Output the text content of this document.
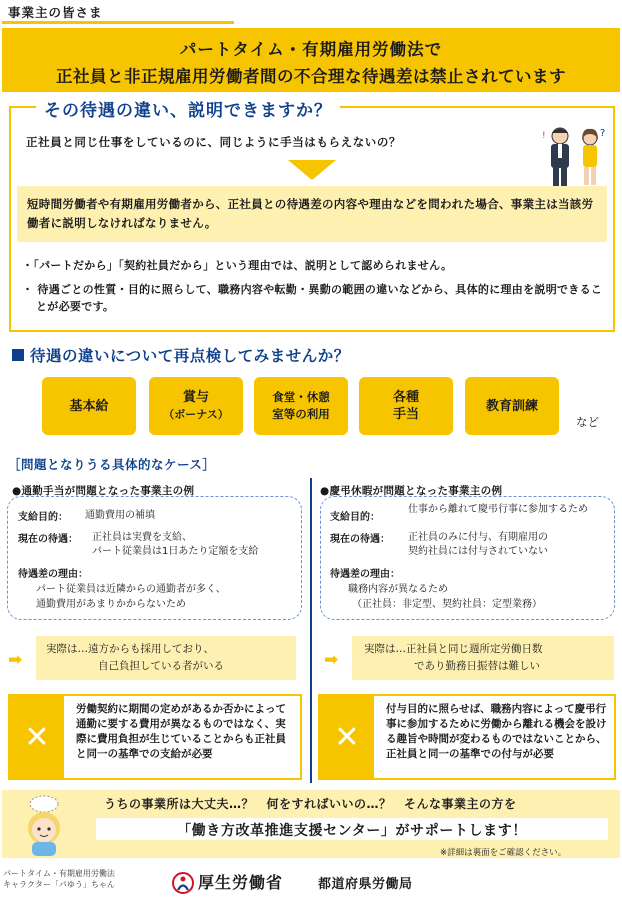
事業主の皆さま
パートタイム・有期雇用労働法で
正社員と非正規雇用労働者間の不合理な待遇差は禁止されています
その待遇の違い、説明できますか？
正社員と同じ仕事をしているのに、同じように手当はもらえないの？	!	?
短時間労働者や有期雇用労働者から、正社員との待遇差の内容や理由などを問われた場合、事業主は当該労働者に説明しなければなりません。
・「パートだから」「契約社員だから」という理由では、説明として認められません。
・ 待遇ごとの性質・目的に照らして、職務内容や転勤・異動の範囲の違いなどから、具体的に理由を説明できることが必要です。
待遇の違いについて再点検してみませんか？
基本給
賞与
（ボーナス）
食堂・休憩
室等の利用
各種
手当
教育訓練
など
［問題となりうる具体的なケース］
●通勤手当が問題となった事業主の例
支給目的： 通勤費用の補填
現在の待遇： 正社員は実費を支給、
パート従業員は1日あたり定額を支給
待遇差の理由：
パート従業員は近隣からの通勤者が多く、
通勤費用があまりかからないため
➡
実際は…遠方からも採用しており、
自己負担している者がいる
✕
労働契約に期間の定めがあるか否かによって通勤に要する費用が異なるものではなく、実際に費用負担が生じていることからも正社員と同一の基準での支給が必要
●慶弔休暇が問題となった事業主の例
支給目的：
仕事から離れて慶弔行事に参加するため
現在の待遇： 正社員のみに付与、有期雇用の
契約社員には付与されていない
待遇差の理由：
職務内容が異なるため
（正社員：非定型、契約社員：定型業務）
➡
実際は…正社員と同じ週所定労働日数
であり勤務日振替は難しい
✕
付与目的に照らせば、職務内容によって慶弔行事に参加するために労働から離れる機会を設ける趣旨や時間が変わるものではないことから、正社員と同一の基準での付与が必要
うちの事業所は大丈夫…？　何をすればいいの…？　そんな事業主の方を
「働き方改革推進支援センター」がサポートします！
※詳細は裏面をご確認ください。
パートタイム・有期雇用労働法
キャラクター「パゆう」ちゃん	厚生労働省	都道府県労働局
